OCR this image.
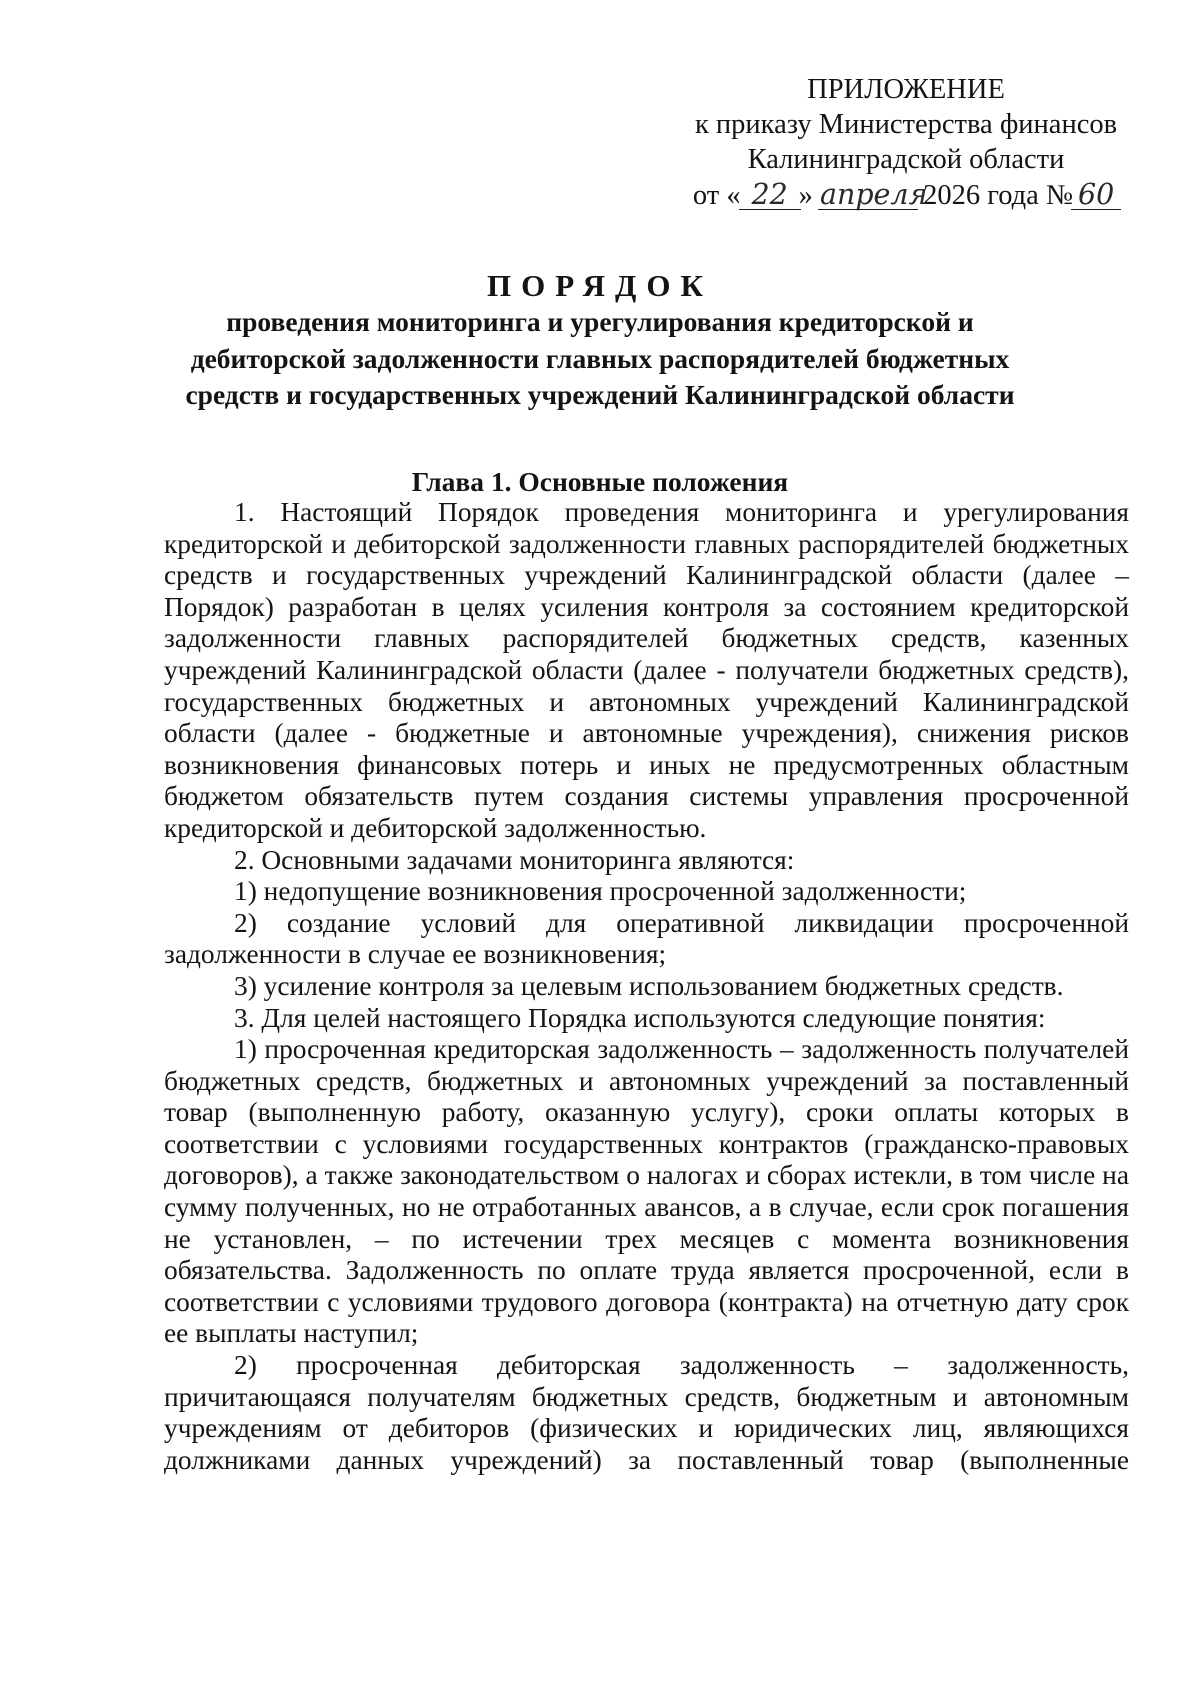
ПРИЛОЖЕНИЕ
к приказу Министерства финансов
Калининградской области
от « 22 » апреля 2026 года № 60
ПОРЯДОК
проведения мониторинга и урегулирования кредиторской и дебиторской задолженности главных распорядителей бюджетных средств и государственных учреждений Калининградской области
Глава 1. Основные положения

1. Настоящий Порядок проведения мониторинга и урегулирования кредиторской и дебиторской задолженности главных распорядителей бюджетных средств и государственных учреждений Калининградской области (далее – Порядок) разработан в целях усиления контроля за состоянием кредиторской задолженности главных распорядителей бюджетных средств, казенных учреждений Калининградской области (далее - получатели бюджетных средств), государственных бюджетных и автономных учреждений Калининградской области (далее - бюджетные и автономные учреждения), снижения рисков возникновения финансовых потерь и иных не предусмотренных областным бюджетом обязательств путем создания системы управления просроченной кредиторской и дебиторской задолженностью.

2. Основными задачами мониторинга являются:

1) недопущение возникновения просроченной задолженности;

2) создание условий для оперативной ликвидации просроченной задолженности в случае ее возникновения;

3) усиление контроля за целевым использованием бюджетных средств.

3. Для целей настоящего Порядка используются следующие понятия:

1) просроченная кредиторская задолженность – задолженность получателей бюджетных средств, бюджетных и автономных учреждений за поставленный товар (выполненную работу, оказанную услугу), сроки оплаты которых в соответствии с условиями государственных контрактов (гражданско-правовых договоров), а также законодательством о налогах и сборах истекли, в том числе на сумму полученных, но не отработанных авансов, а в случае, если срок погашения не установлен, – по истечении трех месяцев с момента возникновения обязательства. Задолженность по оплате труда является просроченной, если в соответствии с условиями трудового договора (контракта) на отчетную дату срок ее выплаты наступил;

2) просроченная дебиторская задолженность – задолженность, причитающаяся получателям бюджетных средств, бюджетным и автономным учреждениям от дебиторов (физических и юридических лиц, являющихся должниками данных учреждений) за поставленный товар (выполненные
